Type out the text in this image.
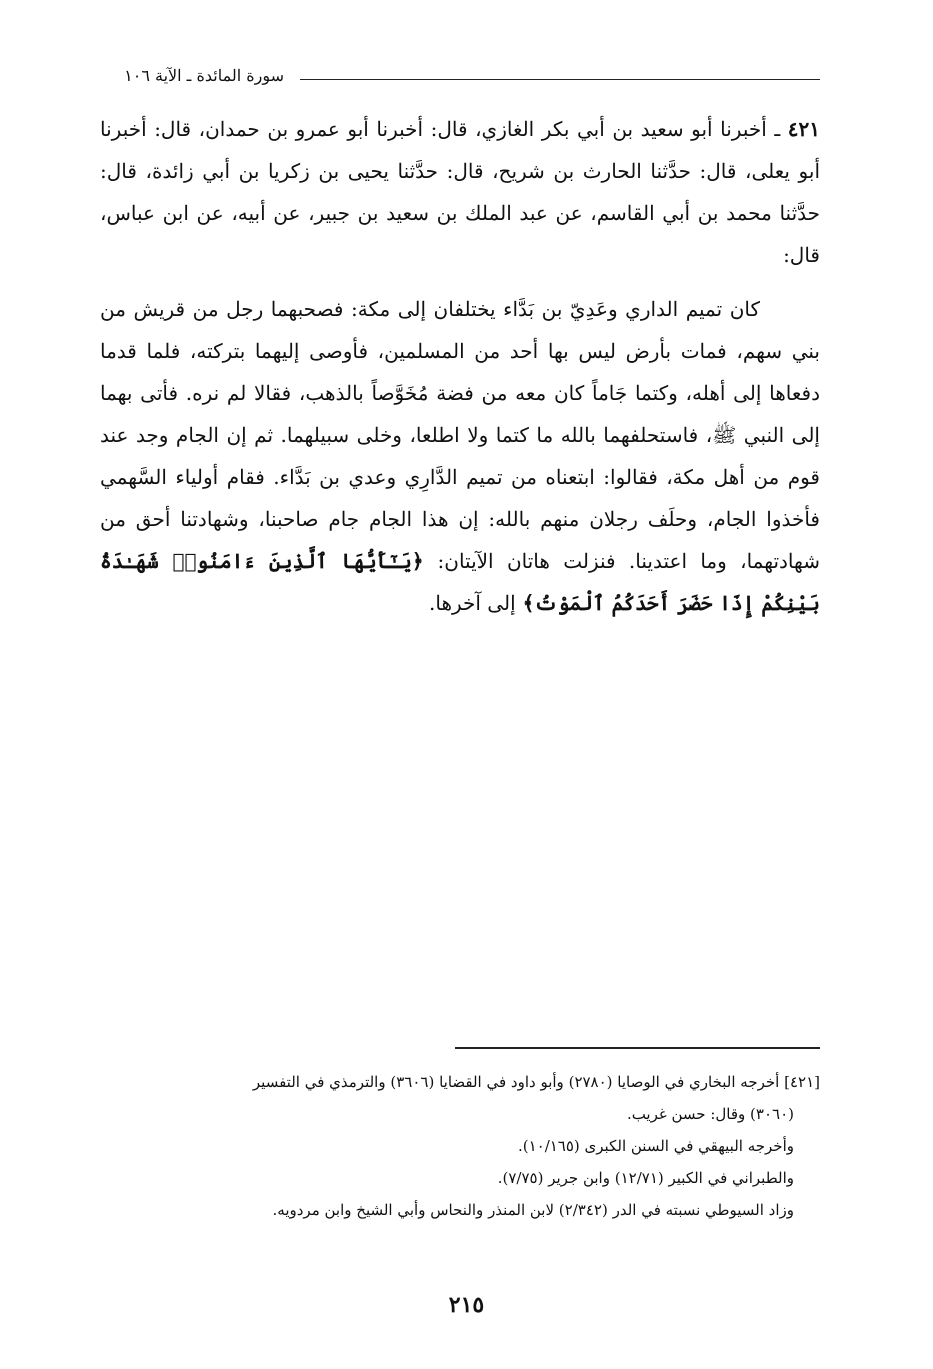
سورة المائدة ـ الآية ١٠٦

٤٢١ ـ أخبرنا أبو سعيد بن أبي بكر الغازي، قال: أخبرنا أبو عمرو بن حمدان، قال: أخبرنا أبو يعلى، قال: حدَّثنا الحارث بن شريح، قال: حدَّثنا يحيى بن زكريا بن أبي زائدة، قال: حدَّثنا محمد بن أبي القاسم، عن عبد الملك بن سعيد بن جبير، عن أبيه، عن ابن عباس، قال:

كان تميم الداري وعَدِيّ بن بَدَّاء يختلفان إلى مكة: فصحبهما رجل من قريش من بني سهم، فمات بأرض ليس بها أحد من المسلمين، فأوصى إليهما بتركته، فلما قدما دفعاها إلى أهله، وكتما جَاماً كان معه من فضة مُخَوَّصاً بالذهب، فقالا لم نره. فأتى بهما إلى النبي ﷺ، فاستحلفهما بالله ما كتما ولا اطلعا، وخلى سبيلهما. ثم إن الجام وجد عند قوم من أهل مكة، فقالوا: ابتعناه من تميم الدَّارِي وعدي بن بَدَّاء. فقام أولياء السَّهمي فأخذوا الجام، وحلَف رجلان منهم بالله: إن هذا الجام جام صاحبنا، وشهادتنا أحق من شهادتهما، وما اعتدينا. فنزلت هاتان الآيتان: ﴿يَـٰٓأَيُّهَا ٱلَّذِينَ ءَامَنُوا۟ شَهَـٰدَةُ بَيْنِكُمْ إِذَا حَضَرَ أَحَدَكُمُ ٱلْمَوْتُ﴾ إلى آخرها.

[٤٢١] أخرجه البخاري في الوصايا (٢٧٨٠) وأبو داود في القضايا (٣٦٠٦) والترمذي في التفسير

(٣٠٦٠) وقال: حسن غريب.

وأخرجه البيهقي في السنن الكبرى (١٠/١٦٥).

والطبراني في الكبير (١٢/٧١) وابن جرير (٧/٧٥).

وزاد السيوطي نسبته في الدر (٢/٣٤٢) لابن المنذر والنحاس وأبي الشيخ وابن مردويه.

٢١٥
